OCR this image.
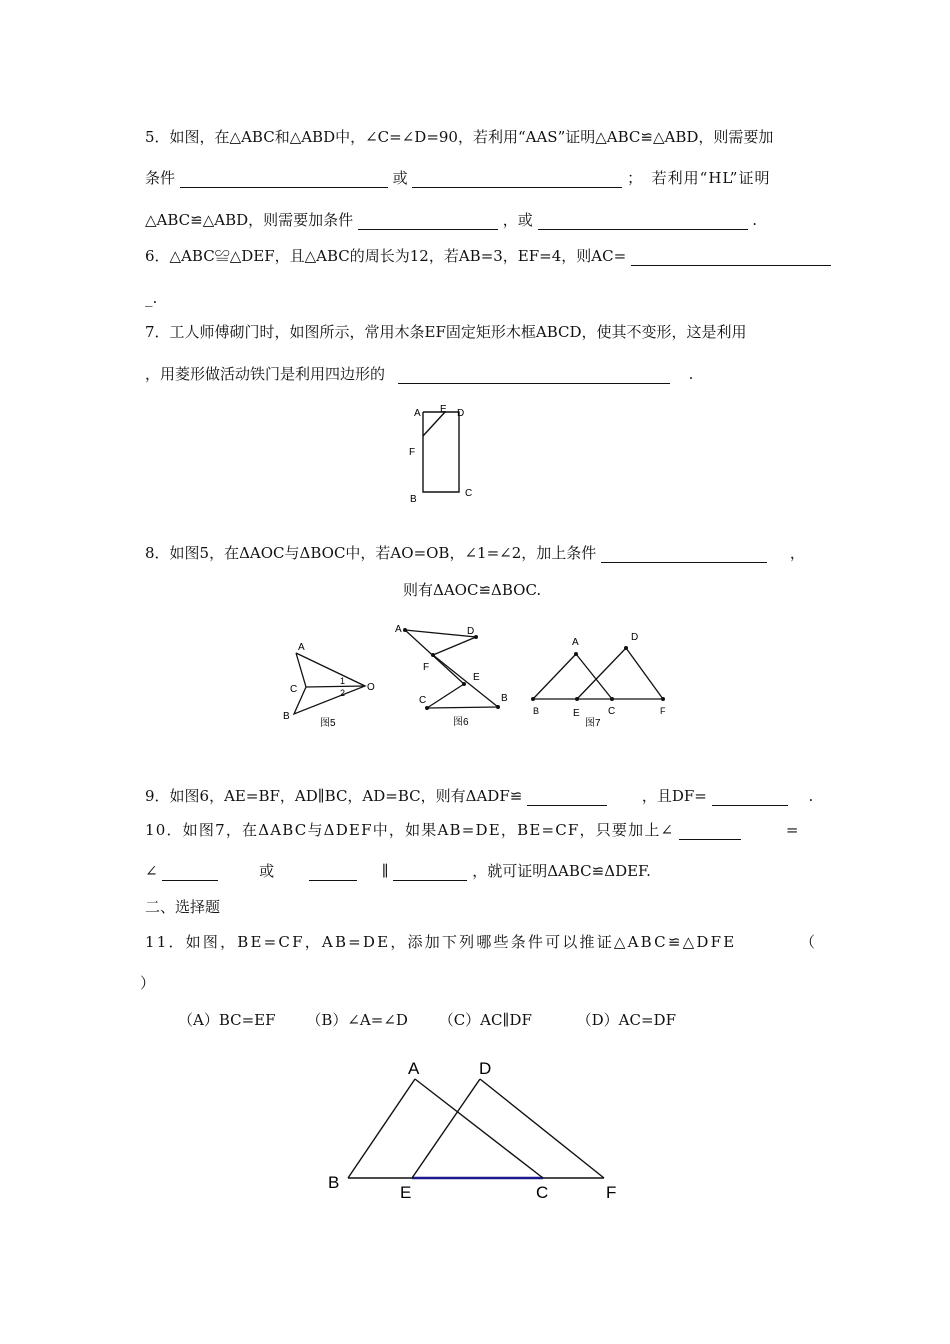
5．如图，在△ABC和△ABD中，∠C=∠D=90，若利用“AAS”证明△ABC≌△ABD，则需要加
条件	或	；　若利用“HL”证明
△ABC≌△ABD，则需要加条件	，或	.
6．△ABC≌△DEF，且△ABC的周长为12，若AB=3，EF=4，则AC=
_.
7．工人师傅砌门时，如图所示，常用木条EF固定矩形木框ABCD，使其不变形，这是利用
，用菱形做活动铁门是利用四边形的	.
A E D
F
B
C
8．如图5，在ΔAOC与ΔBOC中，若AO=OB，∠1=∠2，加上条件	，
则有ΔAOC≌ΔBOC.
A
C
B
O
1
2
图5
A	D
F
E
C	B
图6
A	D
B	E	C	F
图7
9．如图6，AE=BF，AD∥BC，AD=BC，则有ΔADF≌	，且DF=	.
10．如图7，在ΔABC与ΔDEF中，如果AB=DE，BE=CF，只要加上∠	=
∠	或	∥	，就可证明ΔABC≌ΔDEF.
二、选择题
11．如图，BE=CF，AB=DE，添加下列哪些条件可以推证△ABC≌△DFE	（
）
（A）BC=EF （B）∠A=∠D （C）AC∥DF	（D）AC=DF
A	D
B
E	C	F
